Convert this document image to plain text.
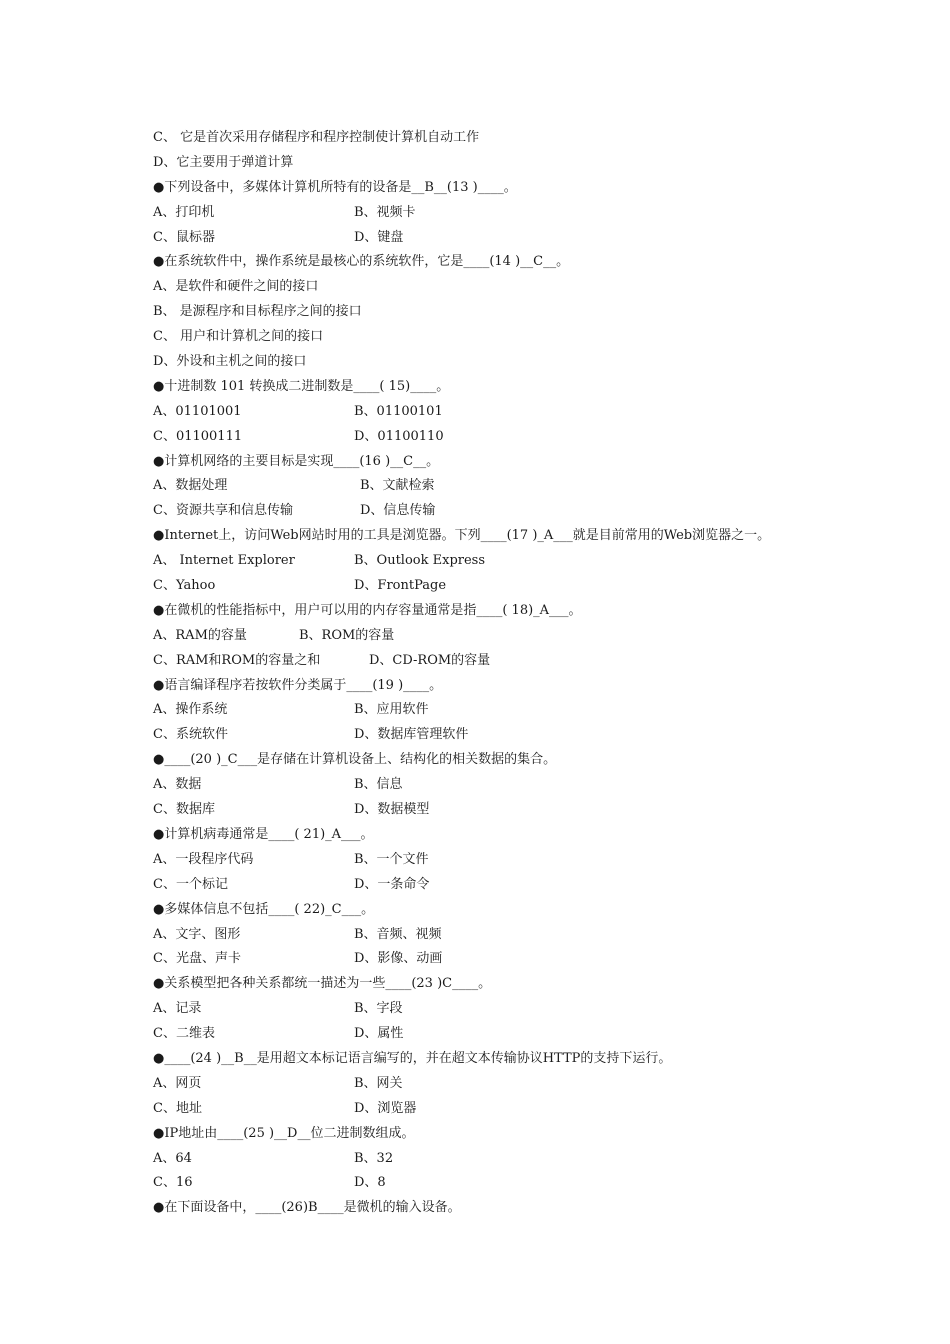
C、 它是首次采用存储程序和程序控制使计算机自动工作
D、它主要用于弹道计算
●下列设备中，多媒体计算机所特有的设备是__B__(13 )____。
A、打印机	B、视频卡
C、鼠标器	D、键盘
●在系统软件中，操作系统是最核心的系统软件，它是____(14 )__C__。
A、是软件和硬件之间的接口
B、 是源程序和目标程序之间的接口
C、 用户和计算机之间的接口
D、外设和主机之间的接口
●十进制数 101 转换成二进制数是____( 15)____。
A、01101001	B、01100101
C、01100111	D、01100110
●计算机网络的主要目标是实现____(16 )__C__。
A、数据处理	B、文献检索
C、资源共享和信息传输	D、信息传输
●Internet上，访问Web网站时用的工具是浏览器。下列____(17 )_A___就是目前常用的Web浏览器之一。
A、 Internet Explorer	B、Outlook Express
C、Yahoo	D、FrontPage
●在微机的性能指标中，用户可以用的内存容量通常是指____( 18)_A___。
A、RAM的容量	B、ROM的容量
C、RAM和ROM的容量之和	D、CD-ROM的容量
●语言编译程序若按软件分类属于____(19 )____。
A、操作系统	B、应用软件
C、系统软件	D、数据库管理软件
●____(20 )_C___是存储在计算机设备上、结构化的相关数据的集合。
A、数据	B、信息
C、数据库	D、数据模型
●计算机病毒通常是____( 21)_A___。
A、一段程序代码	B、一个文件
C、一个标记	D、一条命令
●多媒体信息不包括____( 22)_C___。
A、文字、图形	B、音频、视频
C、光盘、声卡	D、影像、动画
●关系模型把各种关系都统一描述为一些____(23 )C____。
A、记录	B、字段
C、二维表	D、属性
●____(24 )__B__是用超文本标记语言编写的，并在超文本传输协议HTTP的支持下运行。
A、网页	B、网关
C、地址	D、浏览器
●IP地址由____(25 )__D__位二进制数组成。
A、64	B、32
C、16	D、8
●在下面设备中，____(26)B____是微机的输入设备。
